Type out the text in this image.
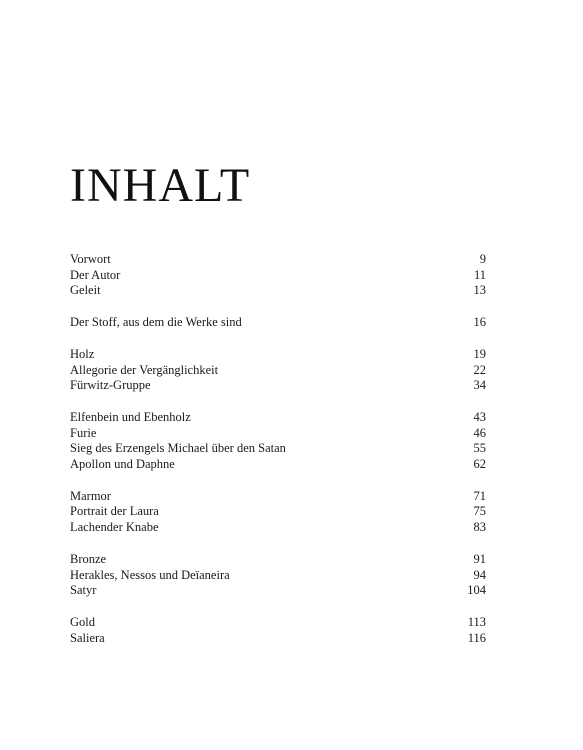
INHALT
Vorwort	9
Der Autor	11
Geleit	13
Der Stoff, aus dem die Werke sind	16
Holz	19
Allegorie der Vergänglichkeit	22
Fürwitz-Gruppe	34
Elfenbein und Ebenholz	43
Furie	46
Sieg des Erzengels Michael über den Satan	55
Apollon und Daphne	62
Marmor	71
Portrait der Laura	75
Lachender Knabe	83
Bronze	91
Herakles, Nessos und Deïaneira	94
Satyr	104
Gold	113
Saliera	116
